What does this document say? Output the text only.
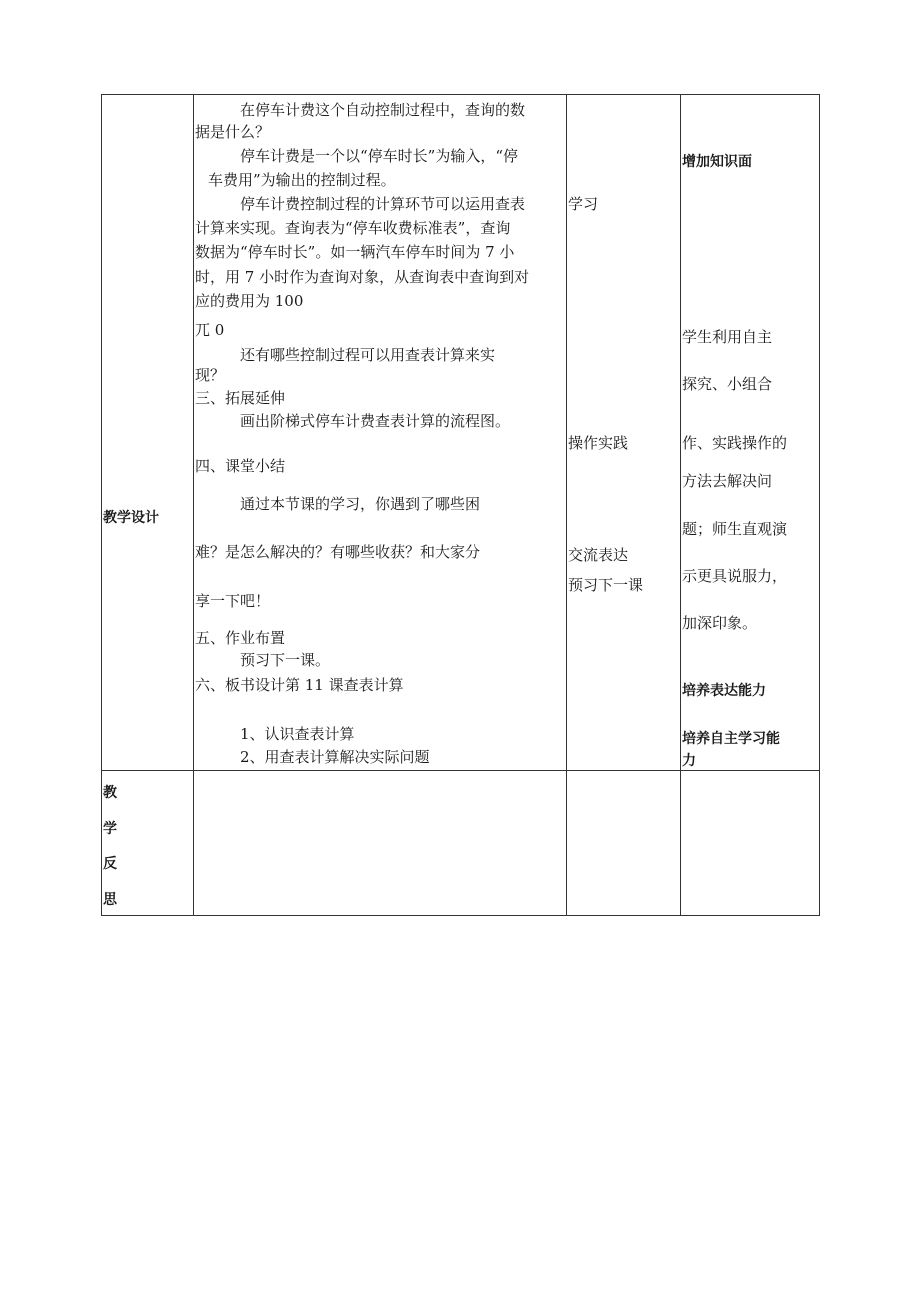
教学设计
在停车计费这个自动控制过程中，查询的数
据是什么？
停车计费是一个以“停车时长”为输入，“停
车费用”为输出的控制过程。
停车计费控制过程的计算环节可以运用查表
计算来实现。查询表为“停车收费标准表”，查询
数据为“停车时长”。如一辆汽车停车时间为 7 小
时，用 7 小时作为查询对象，从查询表中查询到对
应的费用为 100
兀 0
还有哪些控制过程可以用查表计算来实
现？
三、拓展延伸
画出阶梯式停车计费查表计算的流程图。
四、课堂小结
通过本节课的学习，你遇到了哪些困
难？是怎么解决的？有哪些收获？和大家分
享一下吧！
五、作业布置
预习下一课。
六、板书设计第 11 课查表计算
1、认识查表计算
2、用查表计算解决实际问题
学习
操作实践
交流表达
预习下一课
增加知识面
学生利用自主
探究、小组合
作、实践操作的
方法去解决问
题；师生直观演
示更具说服力，
加深印象。
培养表达能力
培养自主学习能
力
教
学
反
思
